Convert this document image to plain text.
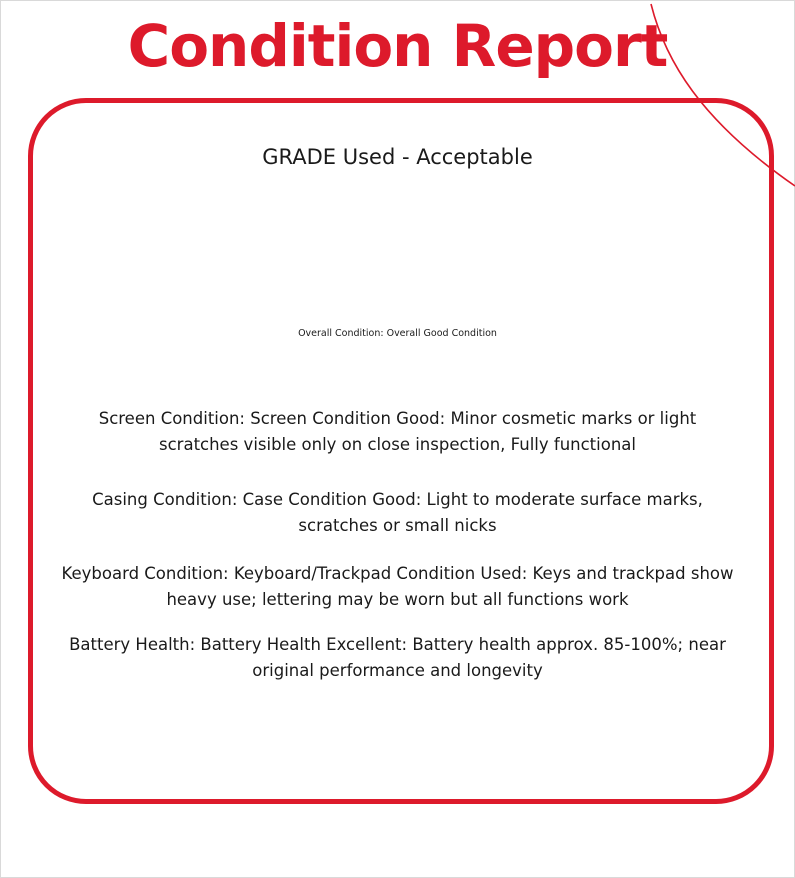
Condition Report
GRADE Used - Acceptable
Overall Condition: Overall Good Condition
Screen Condition: Screen Condition Good: Minor cosmetic marks or light scratches visible only on close inspection, Fully functional
Casing Condition: Case Condition Good: Light to moderate surface marks, scratches or small nicks
Keyboard Condition: Keyboard/Trackpad Condition Used: Keys and trackpad show heavy use; lettering may be worn but all functions work
Battery Health: Battery Health Excellent: Battery health approx. 85-100%; near original performance and longevity
